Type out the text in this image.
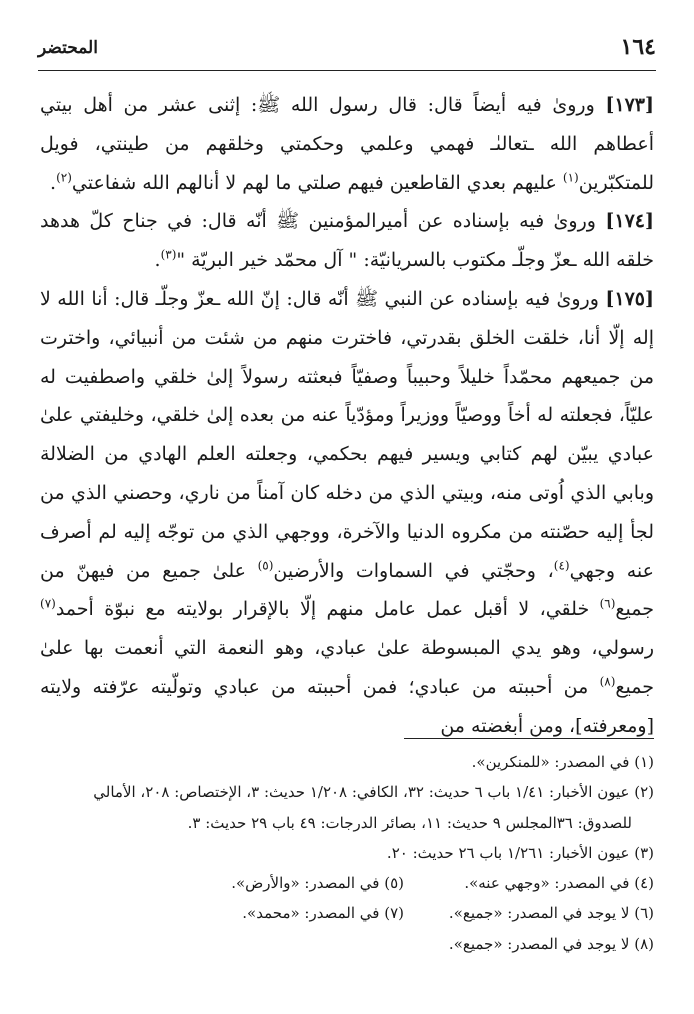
١٦٤
المحتضر

[١٧٣] وروىٰ فيه أيضاً قال: قال رسول الله ﷺ: إثنى عشر من أهل بيتي أعطاهم الله ـتعالىٰـ فهمي وعلمي وحكمتي وخلقهم من طينتي، فويل للمتكبّرين$^{(١)}$ عليهم بعدي القاطعين فيهم صلتي ما لهم لا أنالهم الله شفاعتي$^{(٢)}$.

[١٧٤] وروىٰ فيه بإسناده عن أميرالمؤمنين ﷺ أنّه قال: في جناح كلّ هدهد خلقه الله ـعزّ وجلّـ مكتوب بالسريانيّة: " آل محمّد خير البريّة "$^{(٣)}$.

[١٧٥] وروىٰ فيه بإسناده عن النبي ﷺ أنّه قال: إنّ الله ـعزّ وجلّـ قال: أنا الله لا إله إلّا أنا، خلقت الخلق بقدرتي، فاخترت منهم من شئت من أنبيائي، واخترت من جميعهم محمّداً خليلاً وحبيباً وصفيّاً فبعثته رسولاً إلىٰ خلقي واصطفيت له عليّاً، فجعلته له أخاً ووصيّاً ووزيراً ومؤدّياً عنه من بعده إلىٰ خلقي، وخليفتي علىٰ عبادي يبيّن لهم كتابي ويسير فيهم بحكمي، وجعلته العلم الهادي من الضلالة وبابي الذي اُوتى منه، وبيتي الذي من دخله كان آمناً من ناري، وحصني الذي من لجأ إليه حصّنته من مكروه الدنيا والآخرة، ووجهي الذي من توجّه إليه لم أصرف عنه وجهي$^{(٤)}$، وحجّتي في السماوات والأرضين$^{(٥)}$ علىٰ جميع من فيهنّ من جميع$^{(٦)}$ خلقي، لا أقبل عمل عامل منهم إلّا بالإقرار بولايته مع نبوّة أحمد$^{(٧)}$ رسولي، وهو يدي المبسوطة علىٰ عبادي، وهو النعمة التي أنعمت بها علىٰ جميع$^{(٨)}$ من أحببته من عبادي؛ فمن أحببته من عبادي وتولّيته عرّفته ولايته [ومعرفته]، ومن أبغضته من

(١) في المصدر: «للمنكرين».

(٢) عيون الأخبار: ١/٤١ باب ٦ حديث: ٣٢، الكافي: ١/٢٠٨ حديث: ٣، الإختصاص: ٢٠٨، الأمالي

للصدوق: ٣٦المجلس ٩ حديث: ١١، بصائر الدرجات: ٤٩ باب ٢٩ حديث: ٣.

(٣) عيون الأخبار: ١/٢٦١ باب ٢٦ حديث: ٢٠.

(٤) في المصدر: «وجهي عنه».
(٥) في المصدر: «والأرض».
(٦) لا يوجد في المصدر: «جميع».
(٧) في المصدر: «محمد».

(٨) لا يوجد في المصدر: «جميع».
